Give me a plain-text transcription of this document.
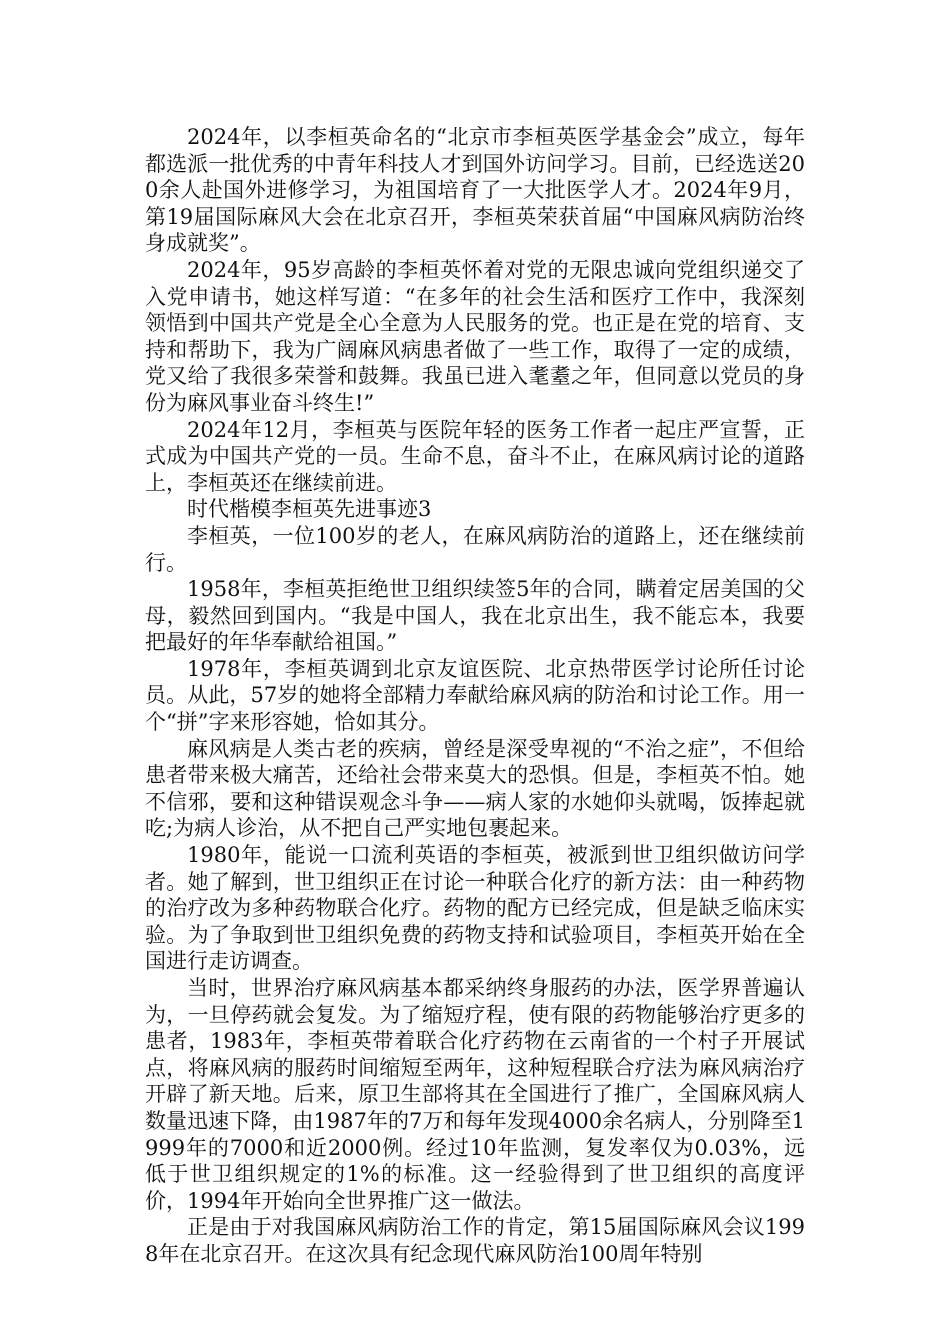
2024年，以李桓英命名的“北京市李桓英医学基金会”成立，每年都选派一批优秀的中青年科技人才到国外访问学习。目前，已经选送200余人赴国外进修学习，为祖国培育了一大批医学人才。2024年9月，第19届国际麻风大会在北京召开，李桓英荣获首届“中国麻风病防治终身成就奖”。

2024年，95岁高龄的李桓英怀着对党的无限忠诚向党组织递交了入党申请书，她这样写道：“在多年的社会生活和医疗工作中，我深刻领悟到中国共产党是全心全意为人民服务的党。也正是在党的培育、支持和帮助下，我为广阔麻风病患者做了一些工作，取得了一定的成绩，党又给了我很多荣誉和鼓舞。我虽已进入耄耋之年，但同意以党员的身份为麻风事业奋斗终生!”

2024年12月，李桓英与医院年轻的医务工作者一起庄严宣誓，正式成为中国共产党的一员。生命不息，奋斗不止，在麻风病讨论的道路上，李桓英还在继续前进。

时代楷模李桓英先进事迹3

李桓英，一位100岁的老人，在麻风病防治的道路上，还在继续前行。

1958年，李桓英拒绝世卫组织续签5年的合同，瞒着定居美国的父母，毅然回到国内。“我是中国人，我在北京出生，我不能忘本，我要把最好的年华奉献给祖国。”

1978年，李桓英调到北京友谊医院、北京热带医学讨论所任讨论员。从此，57岁的她将全部精力奉献给麻风病的防治和讨论工作。用一个“拼”字来形容她，恰如其分。

麻风病是人类古老的疾病，曾经是深受卑视的“不治之症”，不但给患者带来极大痛苦，还给社会带来莫大的恐惧。但是，李桓英不怕。她不信邪，要和这种错误观念斗争——病人家的水她仰头就喝，饭捧起就吃;为病人诊治，从不把自己严实地包裹起来。

1980年，能说一口流利英语的李桓英，被派到世卫组织做访问学者。她了解到，世卫组织正在讨论一种联合化疗的新方法：由一种药物的治疗改为多种药物联合化疗。药物的配方已经完成，但是缺乏临床实验。为了争取到世卫组织免费的药物支持和试验项目，李桓英开始在全国进行走访调查。

当时，世界治疗麻风病基本都采纳终身服药的办法，医学界普遍认为，一旦停药就会复发。为了缩短疗程，使有限的药物能够治疗更多的患者，1983年，李桓英带着联合化疗药物在云南省的一个村子开展试点，将麻风病的服药时间缩短至两年，这种短程联合疗法为麻风病治疗开辟了新天地。后来，原卫生部将其在全国进行了推广，全国麻风病人数量迅速下降，由1987年的7万和每年发现4000余名病人，分别降至1999年的7000和近2000例。经过10年监测，复发率仅为0.03%，远低于世卫组织规定的1%的标准。这一经验得到了世卫组织的高度评价，1994年开始向全世界推广这一做法。

正是由于对我国麻风病防治工作的肯定，第15届国际麻风会议1998年在北京召开。在这次具有纪念现代麻风防治100周年特别
